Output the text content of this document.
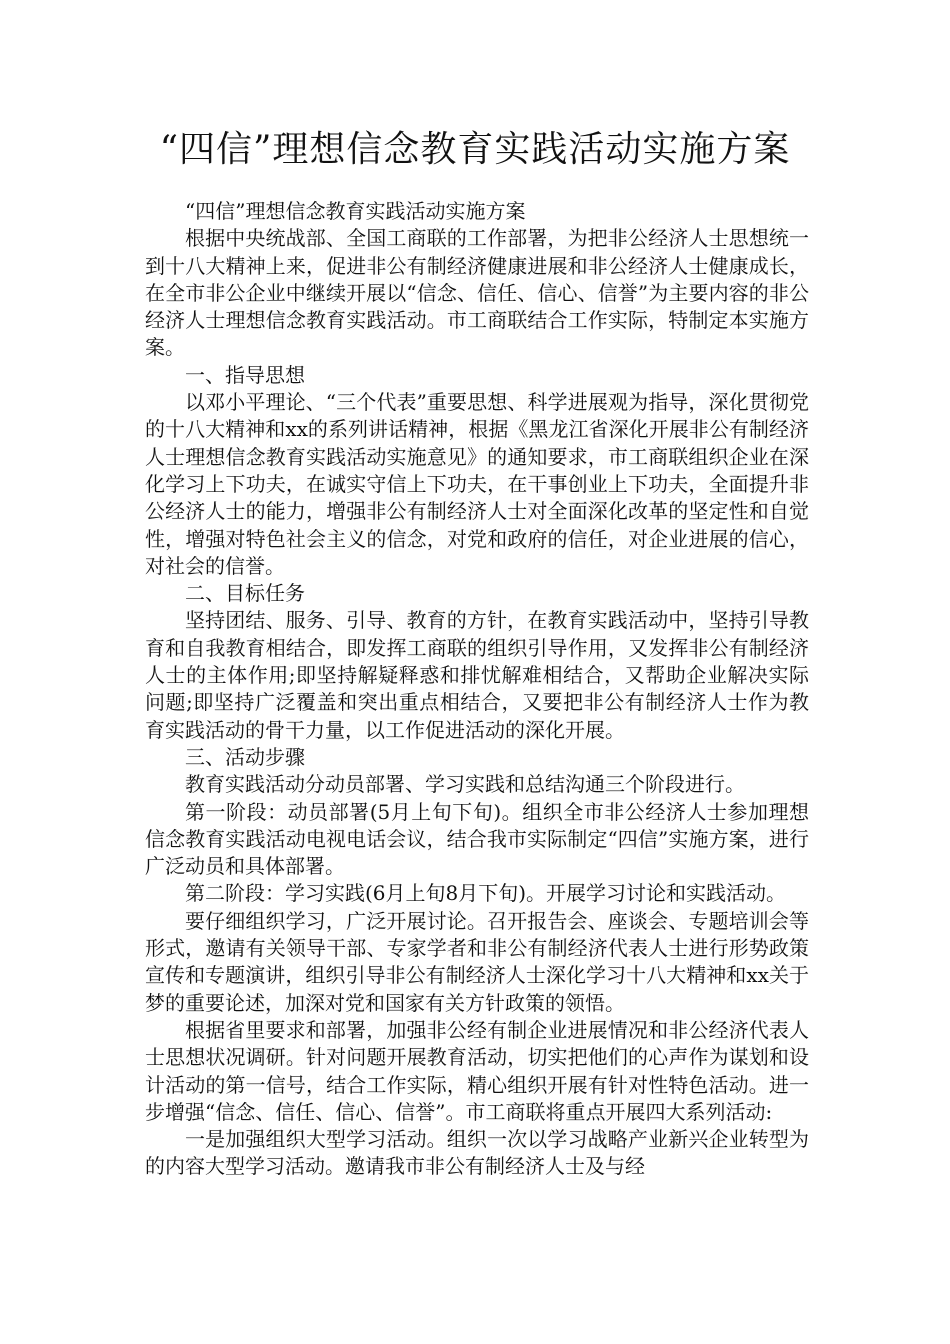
“四信”理想信念教育实践活动实施方案

“四信”理想信念教育实践活动实施方案

根据中央统战部、全国工商联的工作部署，为把非公经济人士思想统一到十八大精神上来，促进非公有制经济健康进展和非公经济人士健康成长，在全市非公企业中继续开展以“信念、信任、信心、信誉”为主要内容的非公经济人士理想信念教育实践活动。市工商联结合工作实际，特制定本实施方案。

一、指导思想

以邓小平理论、“三个代表”重要思想、科学进展观为指导，深化贯彻党的十八大精神和xx的系列讲话精神，根据《黑龙江省深化开展非公有制经济人士理想信念教育实践活动实施意见》的通知要求，市工商联组织企业在深化学习上下功夫，在诚实守信上下功夫，在干事创业上下功夫，全面提升非公经济人士的能力，增强非公有制经济人士对全面深化改革的坚定性和自觉性，增强对特色社会主义的信念，对党和政府的信任，对企业进展的信心，对社会的信誉。

二、目标任务

坚持团结、服务、引导、教育的方针，在教育实践活动中，坚持引导教育和自我教育相结合，即发挥工商联的组织引导作用，又发挥非公有制经济人士的主体作用;即坚持解疑释惑和排忧解难相结合，又帮助企业解决实际问题;即坚持广泛覆盖和突出重点相结合，又要把非公有制经济人士作为教育实践活动的骨干力量，以工作促进活动的深化开展。

三、活动步骤

教育实践活动分动员部署、学习实践和总结沟通三个阶段进行。

第一阶段：动员部署(5月上旬下旬)。组织全市非公经济人士参加理想信念教育实践活动电视电话会议，结合我市实际制定“四信”实施方案，进行广泛动员和具体部署。

第二阶段：学习实践(6月上旬8月下旬)。开展学习讨论和实践活动。

要仔细组织学习，广泛开展讨论。召开报告会、座谈会、专题培训会等形式，邀请有关领导干部、专家学者和非公有制经济代表人士进行形势政策宣传和专题演讲，组织引导非公有制经济人士深化学习十八大精神和xx关于梦的重要论述，加深对党和国家有关方针政策的领悟。

根据省里要求和部署，加强非公经有制企业进展情况和非公经济代表人士思想状况调研。针对问题开展教育活动，切实把他们的心声作为谋划和设计活动的第一信号，结合工作实际，精心组织开展有针对性特色活动。进一步增强“信念、信任、信心、信誉”。市工商联将重点开展四大系列活动:

一是加强组织大型学习活动。组织一次以学习战略产业新兴企业转型为的内容大型学习活动。邀请我市非公有制经济人士及与经
